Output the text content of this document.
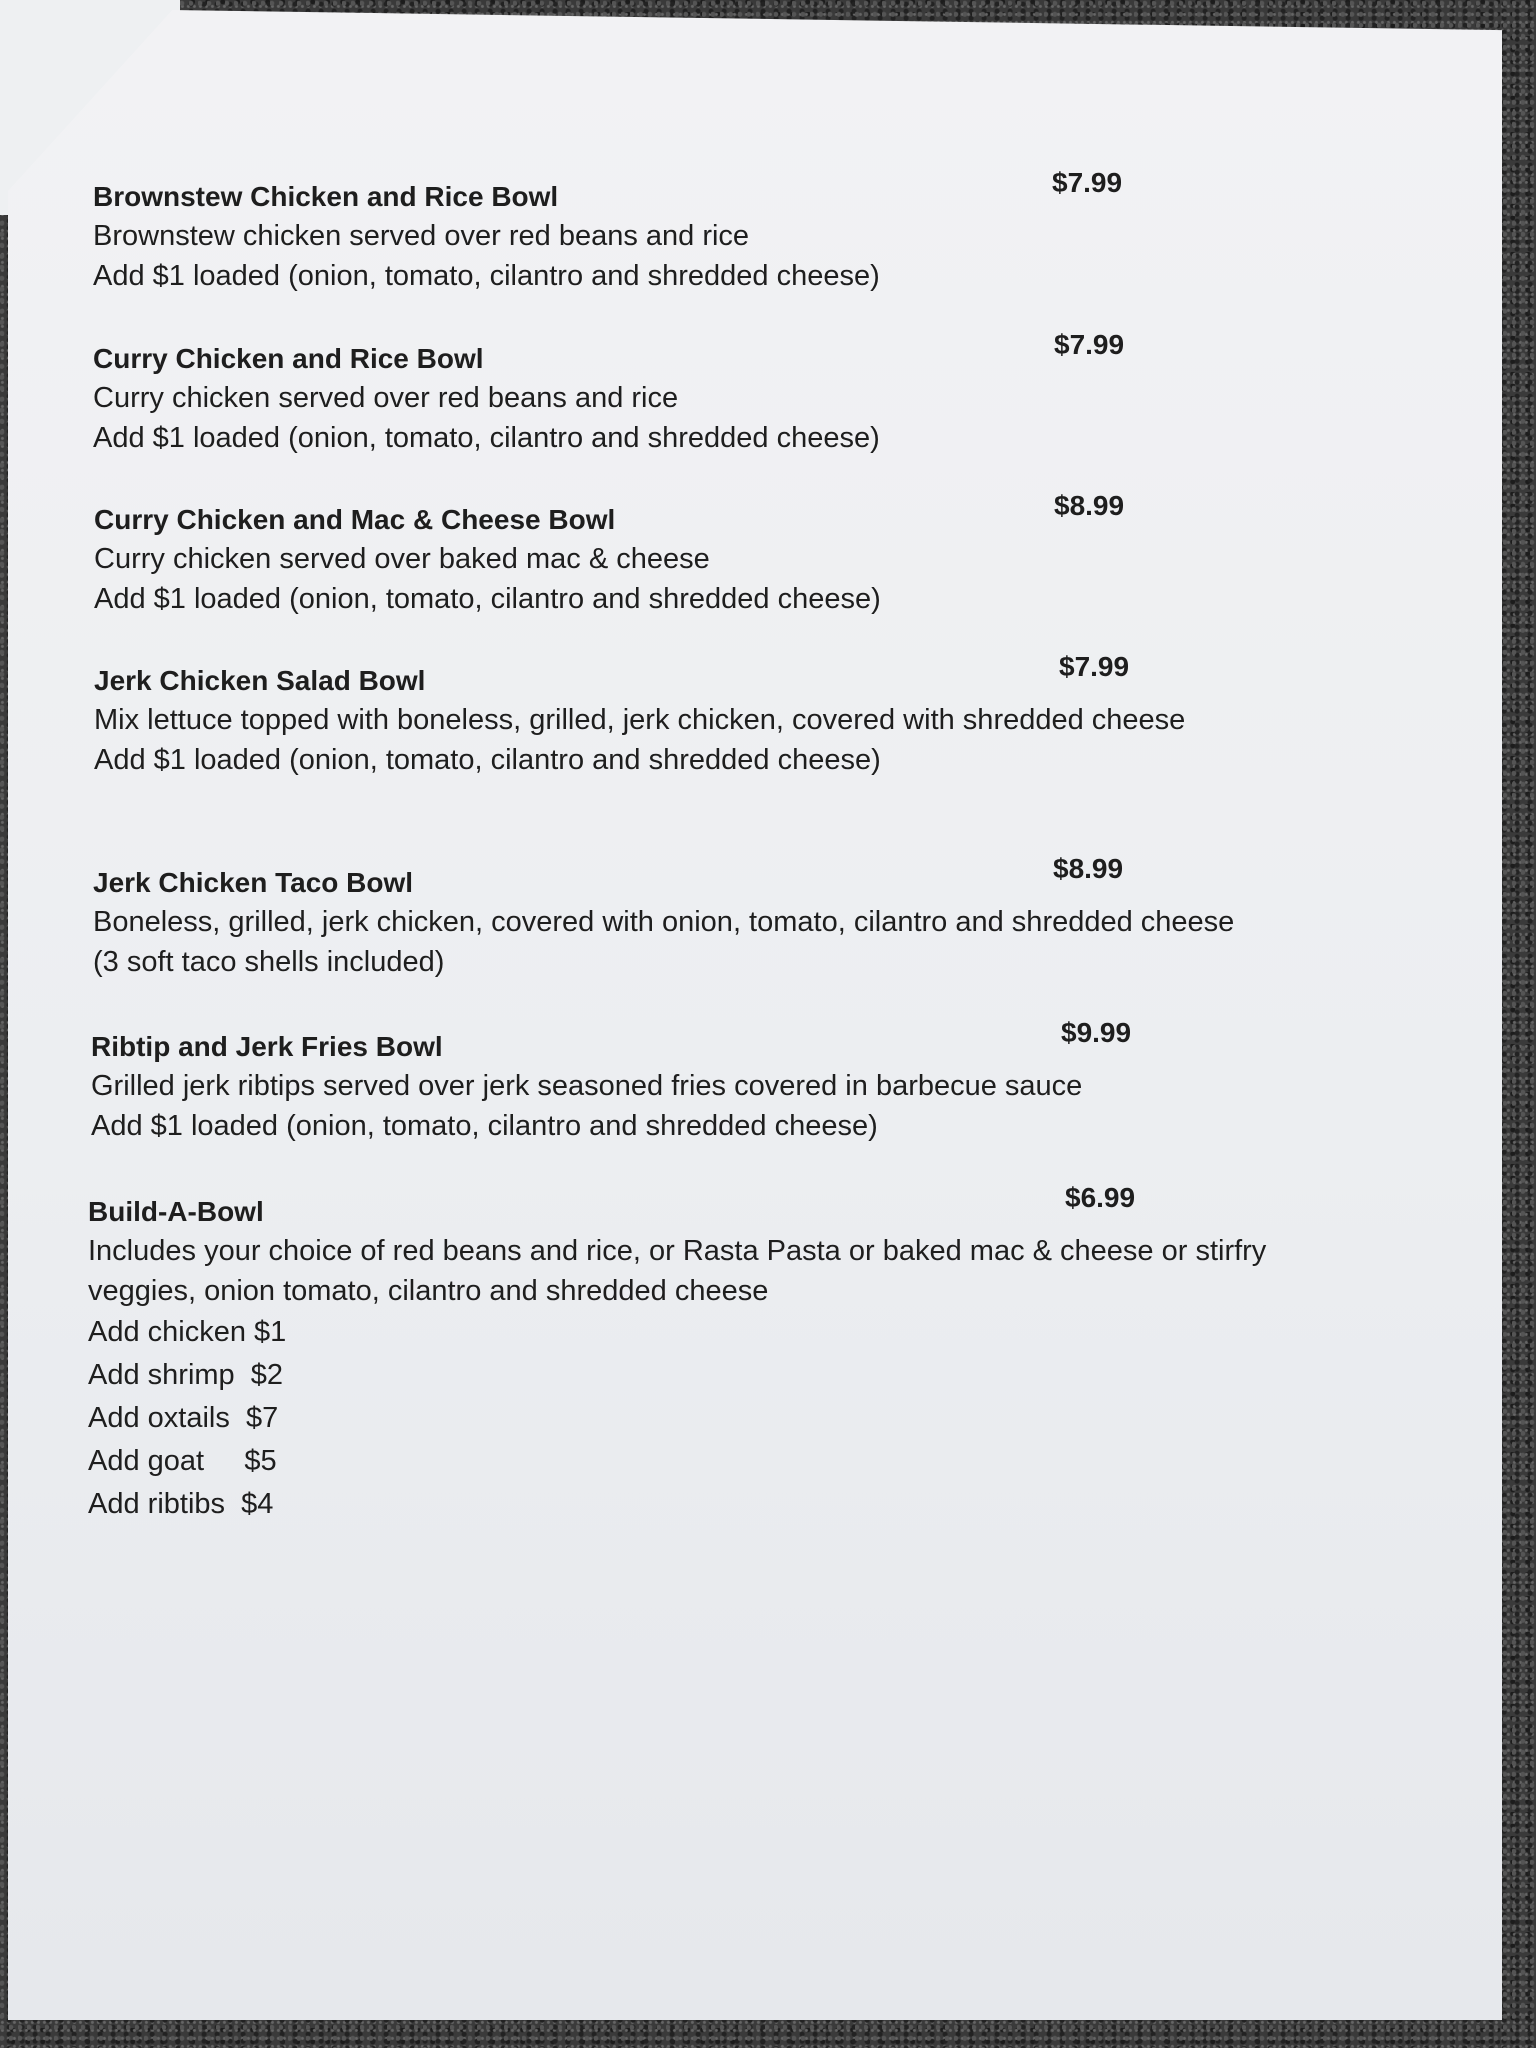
Brownstew Chicken and Rice Bowl	$7.99
Brownstew chicken served over red beans and rice
Add $1 loaded (onion, tomato, cilantro and shredded cheese)
Curry Chicken and Rice Bowl	$7.99
Curry chicken served over red beans and rice
Add $1 loaded (onion, tomato, cilantro and shredded cheese)
Curry Chicken and Mac & Cheese Bowl	$8.99
Curry chicken served over baked mac & cheese
Add $1 loaded (onion, tomato, cilantro and shredded cheese)
Jerk Chicken Salad Bowl	$7.99
Mix lettuce topped with boneless, grilled, jerk chicken, covered with shredded cheese
Add $1 loaded (onion, tomato, cilantro and shredded cheese)
Jerk Chicken Taco Bowl	$8.99
Boneless, grilled, jerk chicken, covered with onion, tomato, cilantro and shredded cheese
(3 soft taco shells included)
Ribtip and Jerk Fries Bowl	$9.99
Grilled jerk ribtips served over jerk seasoned fries covered in barbecue sauce
Add $1 loaded (onion, tomato, cilantro and shredded cheese)
Build-A-Bowl	$6.99
Includes your choice of red beans and rice, or Rasta Pasta or baked mac & cheese or stirfry
veggies, onion tomato, cilantro and shredded cheese
Add chicken $1
Add shrimp  $2
Add oxtails  $7
Add goat     $5
Add ribtibs  $4
